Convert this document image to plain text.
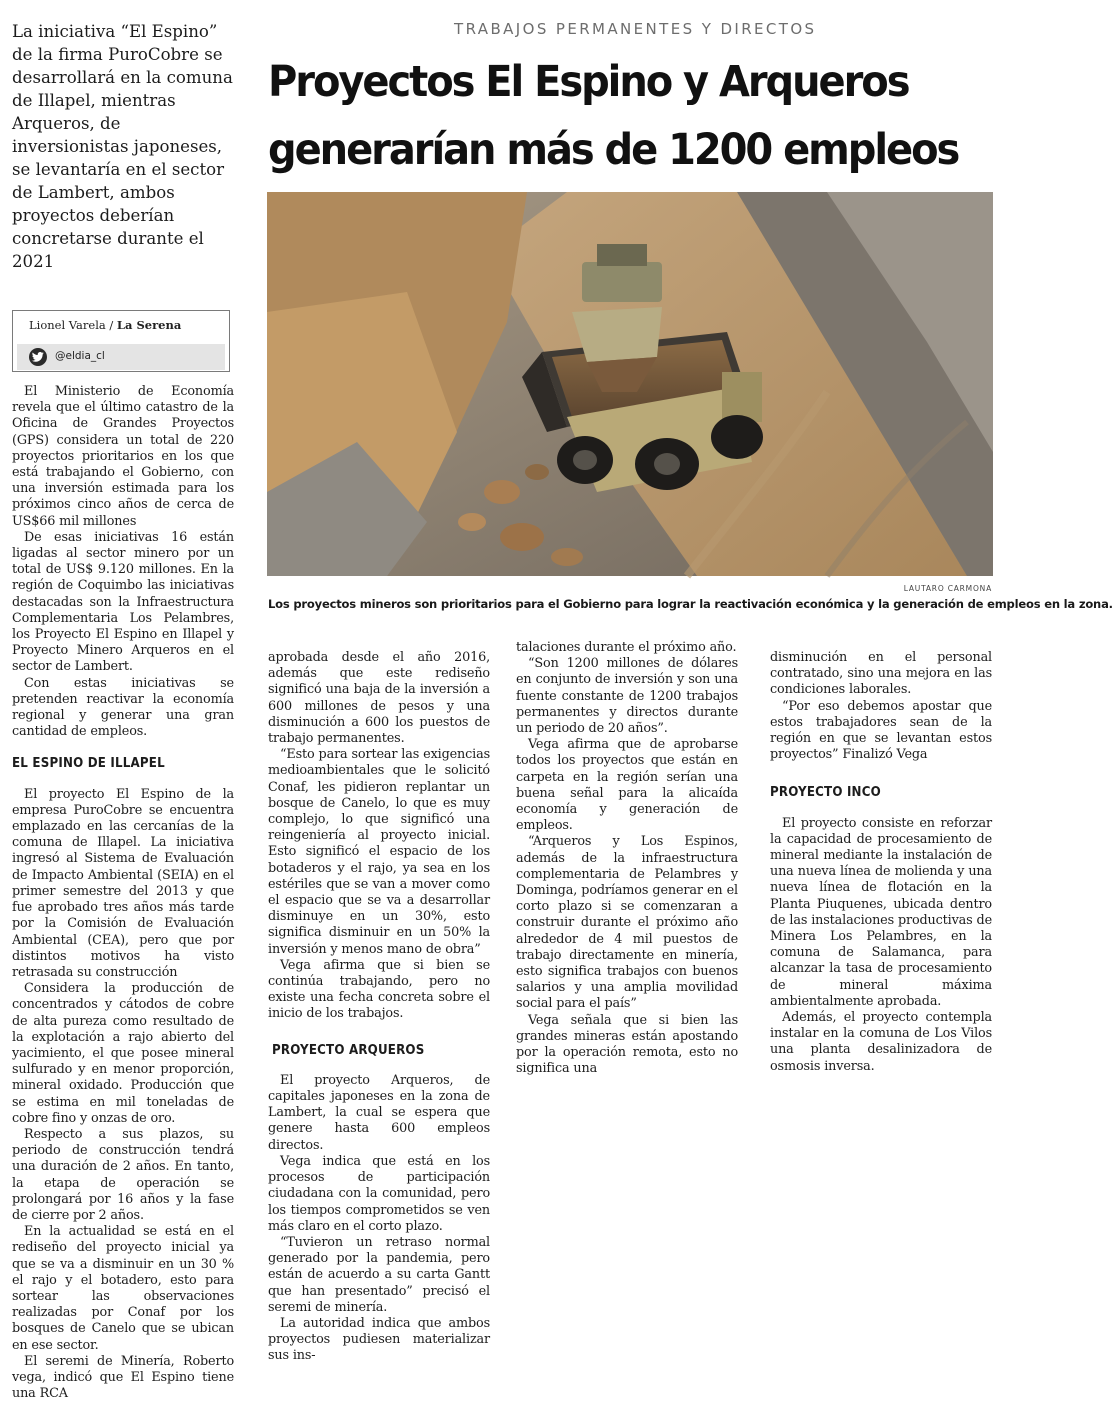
La iniciativa “El Espino” de la firma PuroCobre se desarrollará en la comuna de Illapel, mientras Arqueros, de inversionistas japoneses, se levantaría en el sector de Lambert, ambos proyectos deberían concretarse durante el 2021
Lionel Varela / La Serena
@eldia_cl

El Ministerio de Economía revela que el último catastro de la Oficina de Grandes Proyectos (GPS) considera un total de 220 proyectos prioritarios en los que está trabajando el Gobierno, con una inversión estimada para los próximos cinco años de cerca de US$66 mil millones

De esas iniciativas 16 están ligadas al sector minero por un total de US$ 9.120 millones. En la región de Coquimbo las iniciativas destacadas son la Infraestructura Complementaria Los Pelambres, los Proyecto El Espino en Illapel y Proyecto Minero Arqueros en el sector de Lambert.

Con estas iniciativas se pretenden reactivar la economía regional y generar una gran cantidad de empleos.

EL ESPINO DE ILLAPEL

El proyecto El Espino de la empresa PuroCobre se encuentra emplazado en las cercanías de la comuna de Illapel. La iniciativa ingresó al Sistema de Evaluación de Impacto Ambiental (SEIA) en el primer semestre del 2013 y que fue aprobado tres años más tarde por la Comisión de Evaluación Ambiental (CEA), pero que por distintos motivos ha visto retrasada su construcción

Considera la producción de concentrados y cátodos de cobre de alta pureza como resultado de la explotación a rajo abierto del yacimiento, el que posee mineral sulfurado y en menor proporción, mineral oxidado. Producción que se estima en mil toneladas de cobre fino y onzas de oro.

Respecto a sus plazos, su periodo de construcción tendrá una duración de 2 años. En tanto, la etapa de operación se prolongará por 16 años y la fase de cierre por 2 años.

En la actualidad se está en el rediseño del proyecto inicial ya que se va a disminuir en un 30 % el rajo y el botadero, esto para sortear las observaciones realizadas por Conaf por los bosques de Canelo que se ubican en ese sector.

El seremi de Minería, Roberto vega, indicó que El Espino tiene una RCA

TRABAJOS PERMANENTES Y DIRECTOS
Proyectos El Espino y Arqueros
generarían más de 1200 empleos
LAUTARO CARMONA
Los proyectos mineros son prioritarios para el Gobierno para lograr la reactivación económica y la generación de empleos en la zona.

aprobada desde el año 2016, además que este rediseño significó una baja de la inversión a 600 millones de pesos y una disminución a 600 los puestos de trabajo permanentes.

“Esto para sortear las exigencias medioambientales que le solicitó Conaf, les pidieron replantar un bosque de Canelo, lo que es muy complejo, lo que significó una reingeniería al proyecto inicial. Esto significó el espacio de los botaderos y el rajo, ya sea en los estériles que se van a mover como el espacio que se va a desarrollar disminuye en un 30%, esto significa disminuir en un 50% la inversión y menos mano de obra”

Vega afirma que si bien se continúa trabajando, pero no existe una fecha concreta sobre el inicio de los trabajos.

PROYECTO ARQUEROS

El proyecto Arqueros, de capitales japoneses en la zona de Lambert, la cual se espera que genere hasta 600 empleos directos.

Vega indica que está en los procesos de participación ciudadana con la comunidad, pero los tiempos comprometidos se ven más claro en el corto plazo.

“Tuvieron un retraso normal generado por la pandemia, pero están de acuerdo a su carta Gantt que han presentado” precisó el seremi de minería.

La autoridad indica que ambos proyectos pudiesen materializar sus ins-

talaciones durante el próximo año.

“Son 1200 millones de dólares en conjunto de inversión y son una fuente constante de 1200 trabajos permanentes y directos durante un periodo de 20 años”.

Vega afirma que de aprobarse todos los proyectos que están en carpeta en la región serían una buena señal para la alicaída economía y generación de empleos.

“Arqueros y Los Espinos, además de la infraestructura complementaria de Pelambres y Dominga, podríamos generar en el corto plazo si se comenzaran a construir durante el próximo año alrededor de 4 mil puestos de trabajo directamente en minería, esto significa trabajos con buenos salarios y una amplia movilidad social para el país”

Vega señala que si bien las grandes mineras están apostando por la operación remota, esto no significa una

disminución en el personal contratado, sino una mejora en las condiciones laborales.

“Por eso debemos apostar que estos trabajadores sean de la región en que se levantan estos proyectos” Finalizó Vega

PROYECTO INCO

El proyecto consiste en reforzar la capacidad de procesamiento de mineral mediante la instalación de una nueva línea de molienda y una nueva línea de flotación en la Planta Piuquenes, ubicada dentro de las instalaciones productivas de Minera Los Pelambres, en la comuna de Salamanca, para alcanzar la tasa de procesamiento de mineral máxima ambientalmente aprobada.

Además, el proyecto contempla instalar en la comuna de Los Vilos una planta desalinizadora de osmosis inversa.
